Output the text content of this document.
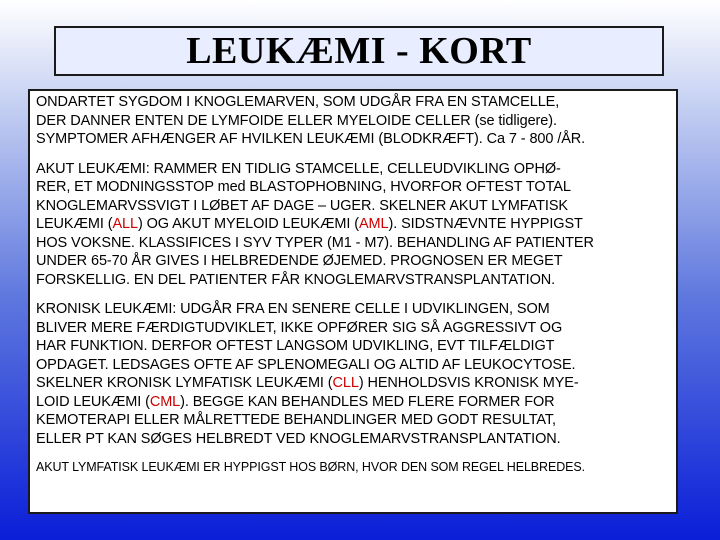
LEUKÆMI - KORT

ONDARTET SYGDOM I KNOGLEMARVEN, SOM UDGÅR FRA EN STAMCELLE,
DER DANNER ENTEN DE LYMFOIDE ELLER MYELOIDE CELLER (se tidligere).
SYMPTOMER AFHÆNGER AF HVILKEN LEUKÆMI (BLODKRÆFT). Ca 7 - 800 /ÅR.

AKUT LEUKÆMI: RAMMER EN TIDLIG STAMCELLE, CELLEUDVIKLING OPHØ-
RER, ET MODNINGSSTOP med BLASTOPHOBNING, HVORFOR OFTEST TOTAL
KNOGLEMARVSSVIGT I LØBET AF DAGE – UGER. SKELNER AKUT LYMFATISK
LEUKÆMI (ALL) OG AKUT MYELOID LEUKÆMI (AML). SIDSTNÆVNTE HYPPIGST
HOS VOKSNE. KLASSIFICES I SYV TYPER (M1 - M7). BEHANDLING AF PATIENTER
UNDER 65-70 ÅR GIVES I HELBREDENDE ØJEMED. PROGNOSEN ER MEGET
FORSKELLIG. EN DEL PATIENTER FÅR KNOGLEMARVSTRANSPLANTATION.

KRONISK LEUKÆMI: UDGÅR FRA EN SENERE CELLE I UDVIKLINGEN, SOM
BLIVER MERE FÆRDIGTUDVIKLET, IKKE OPFØRER SIG SÅ AGGRESSIVT OG
HAR FUNKTION. DERFOR OFTEST LANGSOM UDVIKLING, EVT TILFÆLDIGT
OPDAGET. LEDSAGES OFTE AF SPLENOMEGALI OG ALTID AF LEUKOCYTOSE.
SKELNER KRONISK LYMFATISK LEUKÆMI (CLL) HENHOLDSVIS KRONISK MYE-
LOID LEUKÆMI (CML). BEGGE KAN BEHANDLES MED FLERE FORMER FOR
KEMOTERAPI ELLER MÅLRETTEDE BEHANDLINGER MED GODT RESULTAT,
ELLER PT KAN SØGES HELBREDT VED KNOGLEMARVSTRANSPLANTATION.

AKUT LYMFATISK LEUKÆMI ER HYPPIGST HOS BØRN, HVOR DEN SOM REGEL HELBREDES.
